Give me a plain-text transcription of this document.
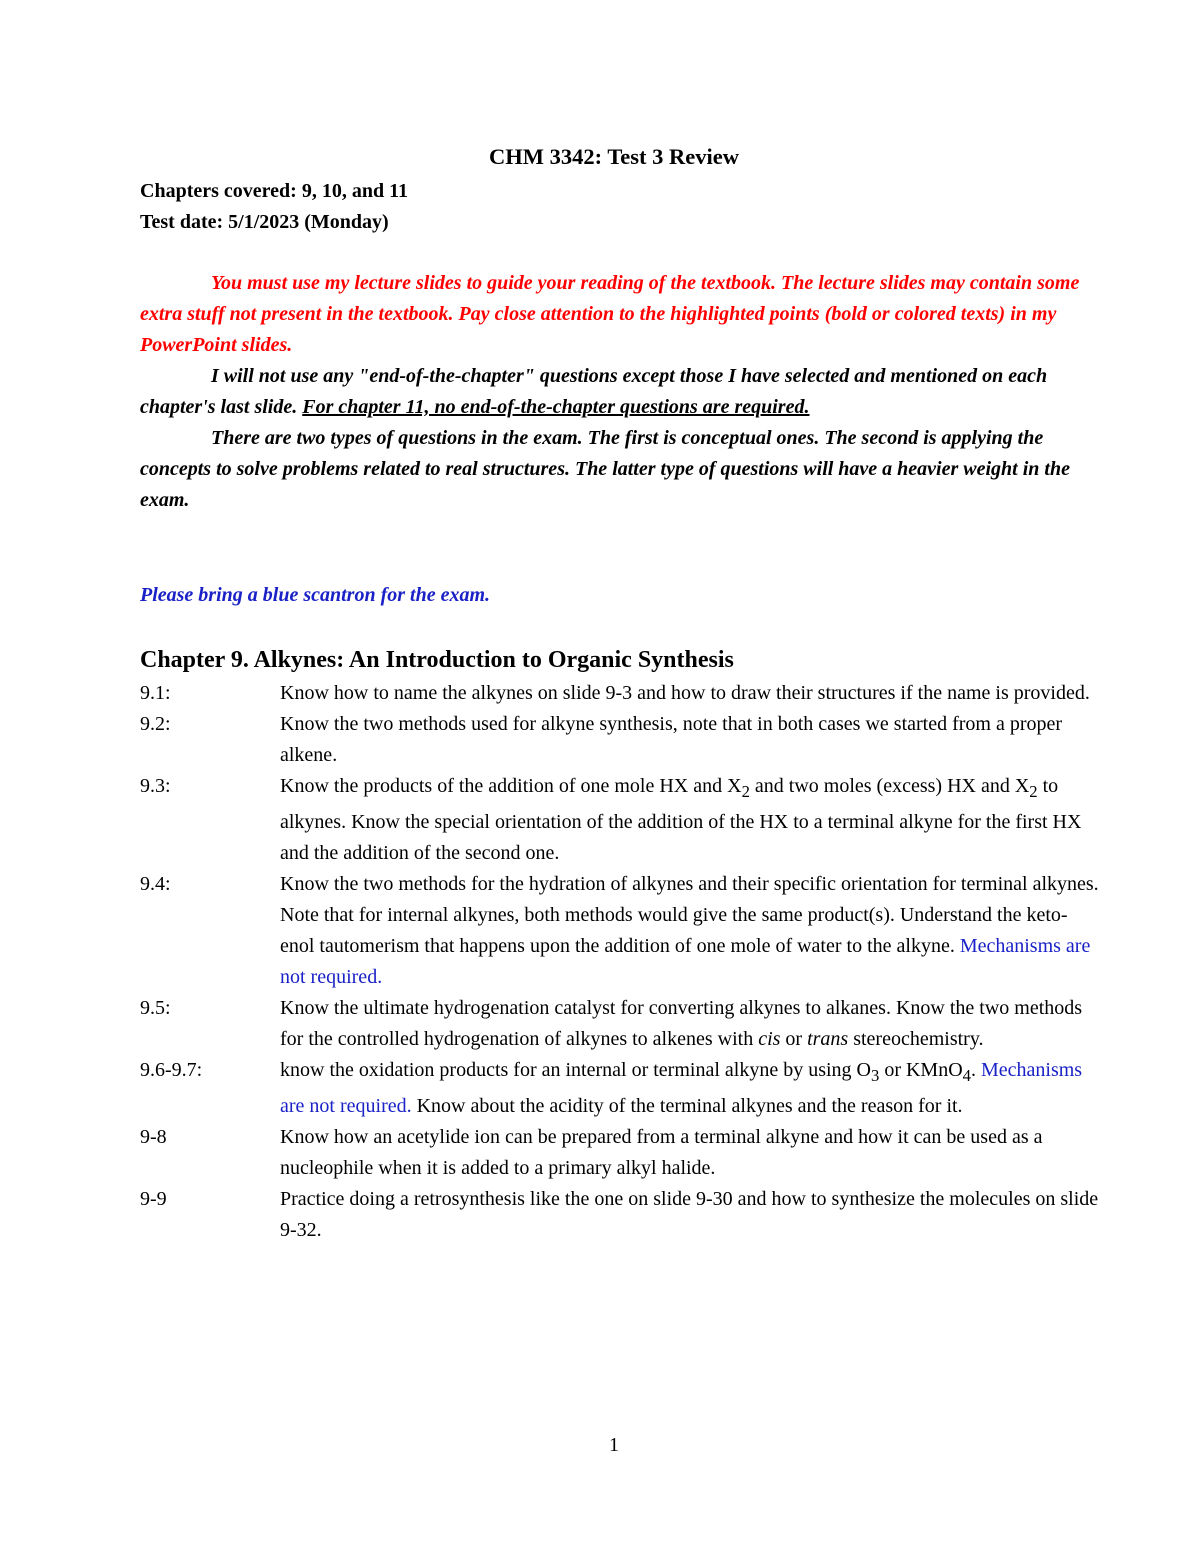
CHM 3342: Test 3 Review
Chapters covered: 9, 10, and 11
Test date: 5/1/2023 (Monday)

You must use my lecture slides to guide your reading of the textbook. The lecture slides may contain some extra stuff not present in the textbook. Pay close attention to the highlighted points (bold or colored texts) in my PowerPoint slides.

I will not use any "end-of-the-chapter" questions except those I have selected and mentioned on each chapter's last slide. For chapter 11, no end-of-the-chapter questions are required.

There are two types of questions in the exam. The first is conceptual ones. The second is applying the concepts to solve problems related to real structures. The latter type of questions will have a heavier weight in the exam.

Please bring a blue scantron for the exam.
Chapter 9. Alkynes: An Introduction to Organic Synthesis
9.1:	Know how to name the alkynes on slide 9-3 and how to draw their structures if the name is provided.
9.2:	Know the two methods used for alkyne synthesis, note that in both cases we started from a proper alkene.
9.3:	Know the products of the addition of one mole HX and $X_2$ and two moles (excess) HX and $X_2$ to alkynes. Know the special orientation of the addition of the HX to a terminal alkyne for the first HX and the addition of the second one.
9.4:	Know the two methods for the hydration of alkynes and their specific orientation for terminal alkynes. Note that for internal alkynes, both methods would give the same product(s). Understand the keto-enol tautomerism that happens upon the addition of one mole of water to the alkyne. Mechanisms are not required.
9.5:	Know the ultimate hydrogenation catalyst for converting alkynes to alkanes. Know the two methods for the controlled hydrogenation of alkynes to alkenes with cis or trans stereochemistry.
9.6-9.7:	know the oxidation products for an internal or terminal alkyne by using $O_3$ or KMnO$_4$. Mechanisms are not required. Know about the acidity of the terminal alkynes and the reason for it.
9-8	Know how an acetylide ion can be prepared from a terminal alkyne and how it can be used as a nucleophile when it is added to a primary alkyl halide.
9-9	Practice doing a retrosynthesis like the one on slide 9-30 and how to synthesize the molecules on slide 9-32.
1
